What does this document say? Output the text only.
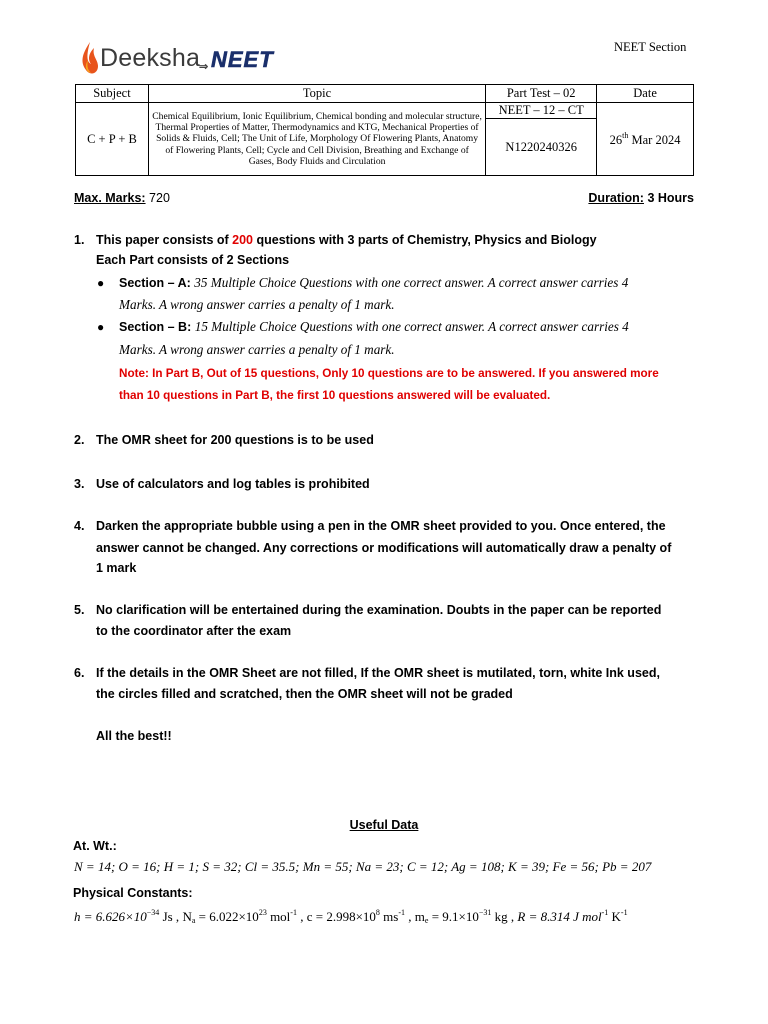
Deeksha
⇒ NEET	NEET Section
Subject	Topic	Part Test – 02	Date
C + P + B	Chemical Equilibrium, Ionic Equilibrium, Chemical bonding and molecular structure, Thermal Properties of Matter, Thermodynamics and KTG, Mechanical Properties of Solids & Fluids, Cell; The Unit of Life, Morphology Of Flowering Plants, Anatomy of Flowering Plants, Cell; Cycle and Cell Division, Breathing and Exchange of Gases, Body Fluids and Circulation	NEET – 12 – CT	26th Mar 2024
		N1220240326	
Max. Marks: 720	Duration: 3 Hours
1. This paper consists of 200 questions with 3 parts of Chemistry, Physics and Biology
Each Part consists of 2 Sections
● Section – A: 35 Multiple Choice Questions with one correct answer. A correct answer carries 4
Marks. A wrong answer carries a penalty of 1 mark.
● Section – B: 15 Multiple Choice Questions with one correct answer. A correct answer carries 4
Marks. A wrong answer carries a penalty of 1 mark.
Note: In Part B, Out of 15 questions, Only 10 questions are to be answered. If you answered more
than 10 questions in Part B, the first 10 questions answered will be evaluated.
2. The OMR sheet for 200 questions is to be used
3. Use of calculators and log tables is prohibited
4. Darken the appropriate bubble using a pen in the OMR sheet provided to you. Once entered, the
answer cannot be changed. Any corrections or modifications will automatically draw a penalty of
1 mark
5. No clarification will be entertained during the examination. Doubts in the paper can be reported
to the coordinator after the exam
6. If the details in the OMR Sheet are not filled, If the OMR sheet is mutilated, torn, white Ink used,
the circles filled and scratched, then the OMR sheet will not be graded
All the best!!
Useful Data
At. Wt.:
N = 14; O = 16; H = 1; S = 32; Cl = 35.5; Mn = 55; Na = 23; C = 12; Ag = 108; K = 39; Fe = 56; Pb = 207
Physical Constants:
$h = 6.626\times 10^{-34}$ Js , $N_a = 6.022\times 10^{23}$ mol$^{-1}$ , $c = 2.998\times 10^8$ $ms^{-1}$ , $m_e = 9.1\times 10^{-31}$ kg , R = 8.314 J mol$^{-1}$ $K^{-1}$
